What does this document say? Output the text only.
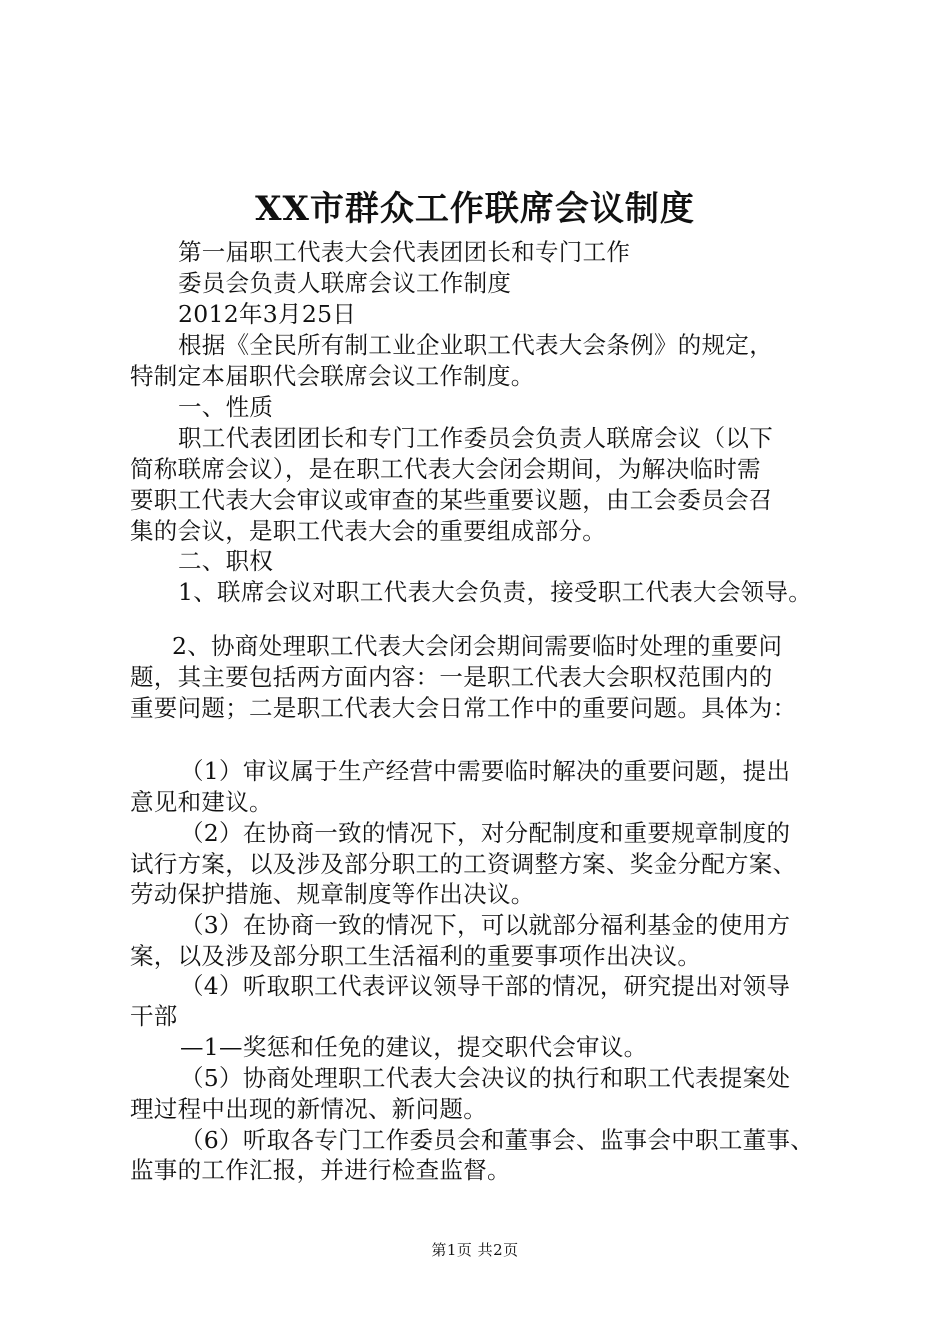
XX市群众工作联席会议制度
第一届职工代表大会代表团团长和专门工作
委员会负责人联席会议工作制度
2012年3月25日
根据《全民所有制工业企业职工代表大会条例》的规定，
特制定本届职代会联席会议工作制度。
一、性质
职工代表团团长和专门工作委员会负责人联席会议（以下
简称联席会议），是在职工代表大会闭会期间，为解决临时需
要职工代表大会审议或审查的某些重要议题，由工会委员会召
集的会议，是职工代表大会的重要组成部分。
二、职权
1、联席会议对职工代表大会负责，接受职工代表大会领导。
2、协商处理职工代表大会闭会期间需要临时处理的重要问
题，其主要包括两方面内容：一是职工代表大会职权范围内的
重要问题；二是职工代表大会日常工作中的重要问题。具体为：
（1）审议属于生产经营中需要临时解决的重要问题，提出
意见和建议。
（2）在协商一致的情况下，对分配制度和重要规章制度的
试行方案，以及涉及部分职工的工资调整方案、奖金分配方案、
劳动保护措施、规章制度等作出决议。
（3）在协商一致的情况下，可以就部分福利基金的使用方
案，以及涉及部分职工生活福利的重要事项作出决议。
（4）听取职工代表评议领导干部的情况，研究提出对领导
干部
—1—奖惩和任免的建议，提交职代会审议。
（5）协商处理职工代表大会决议的执行和职工代表提案处
理过程中出现的新情况、新问题。
（6）听取各专门工作委员会和董事会、监事会中职工董事、
监事的工作汇报，并进行检查监督。
第1页 共2页
